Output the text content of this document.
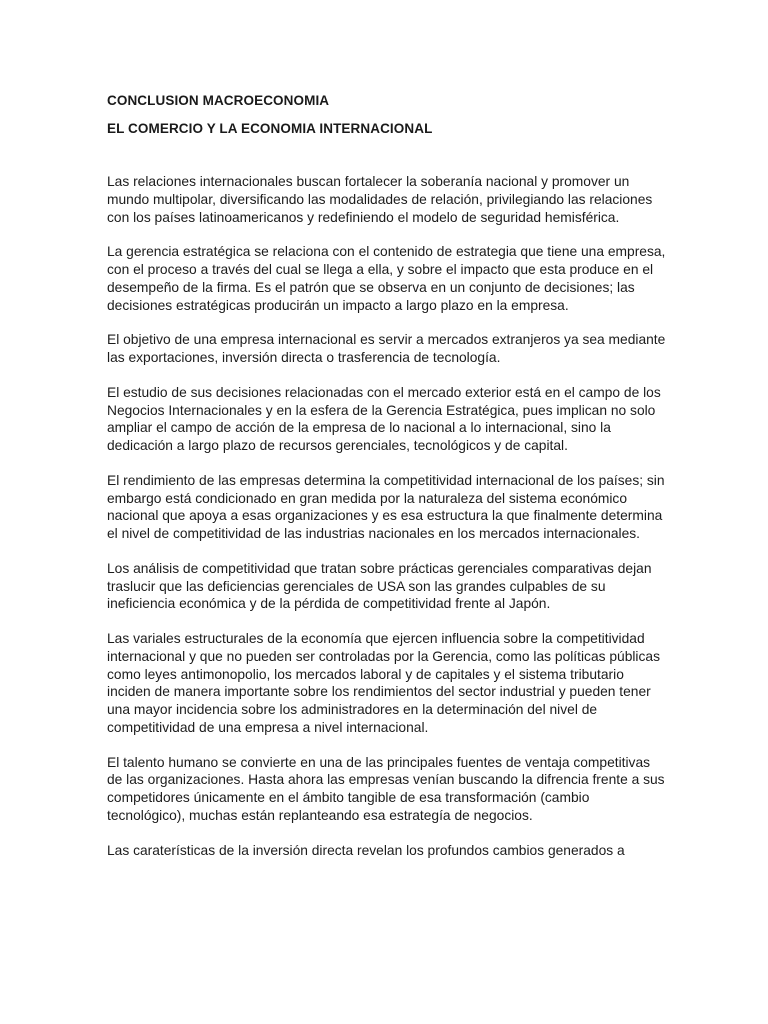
CONCLUSION MACROECONOMIA
EL COMERCIO Y LA ECONOMIA INTERNACIONAL

Las relaciones internacionales buscan fortalecer la soberanía nacional y promover un mundo multipolar, diversificando las modalidades de relación, privilegiando las relaciones con los países latinoamericanos y redefiniendo el modelo de seguridad hemisférica.

La gerencia estratégica se relaciona con el contenido de estrategia que tiene una empresa, con el proceso a través del cual se llega a ella, y sobre el impacto que esta produce en el desempeño de la firma. Es el patrón que se observa en un conjunto de decisiones; las decisiones estratégicas producirán un impacto a largo plazo en la empresa.

El objetivo de una empresa internacional es servir a mercados extranjeros ya sea mediante las exportaciones, inversión directa o trasferencia de tecnología.

El estudio de sus decisiones relacionadas con el mercado exterior está en el campo de los Negocios Internacionales y en la esfera de la Gerencia Estratégica, pues implican no solo ampliar el campo de acción de la empresa de lo nacional a lo internacional, sino la dedicación a largo plazo de recursos gerenciales, tecnológicos y de capital.

El rendimiento de las empresas determina la competitividad internacional de los países; sin embargo está condicionado en gran medida por la naturaleza del sistema económico nacional que apoya a esas organizaciones y es esa estructura la que finalmente determina el nivel de competitividad de las industrias nacionales en los mercados internacionales.

Los análisis de competitividad que tratan sobre prácticas gerenciales comparativas dejan traslucir que las deficiencias gerenciales de USA son las grandes culpables de su ineficiencia económica y de la pérdida de competitividad frente al Japón.

Las variales estructurales de la economía que ejercen influencia sobre la competitividad internacional y que no pueden ser controladas por la Gerencia, como las políticas públicas como leyes antimonopolio, los mercados laboral y de capitales y el sistema tributario inciden de manera importante sobre los rendimientos del sector industrial y pueden tener una mayor incidencia sobre los administradores en la determinación del nivel de competitividad de una empresa a nivel internacional.

El talento humano se convierte en una de las principales fuentes de ventaja competitivas de las organizaciones. Hasta ahora las empresas venían buscando la difrencia frente a sus competidores únicamente en el ámbito tangible de esa transformación (cambio tecnológico), muchas están replanteando esa estrategía de negocios.

Las caraterísticas de la inversión directa revelan los profundos cambios generados a
